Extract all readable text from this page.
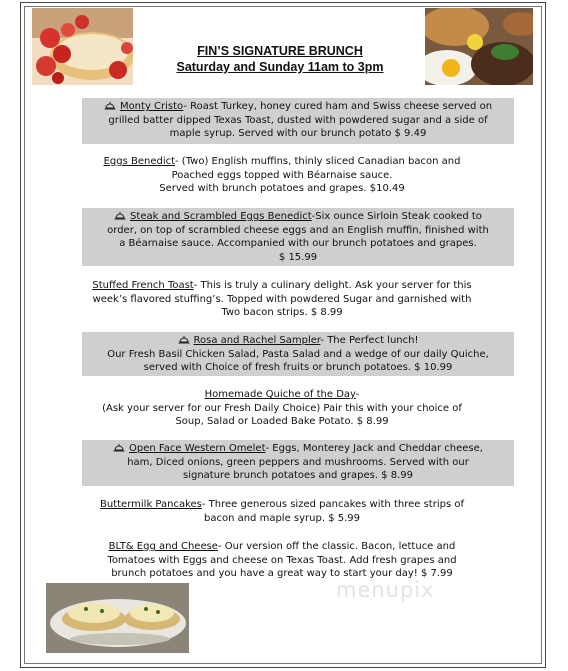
FIN’S SIGNATURE BRUNCH
Saturday and Sunday 11am to 3pm
Monty Cristo- Roast Turkey, honey cured ham and Swiss cheese served on
grilled batter dipped Texas Toast, dusted with powdered sugar and a side of
maple syrup. Served with our brunch potato $ 9.49
Eggs Benedict- (Two) English muffins, thinly sliced Canadian bacon and
Poached eggs topped with Béarnaise sauce.
Served with brunch potatoes and grapes. $10.49
Steak and Scrambled Eggs Benedict-Six ounce Sirloin Steak cooked to
order, on top of scrambled cheese eggs and an English muffin, finished with
a Béarnaise sauce. Accompanied with our brunch potatoes and grapes.
$ 15.99
Stuffed French Toast- This is truly a culinary delight. Ask your server for this
week’s flavored stuffing’s. Topped with powdered Sugar and garnished with
Two bacon strips. $ 8.99
Rosa and Rachel Sampler- The Perfect lunch!
Our Fresh Basil Chicken Salad, Pasta Salad and a wedge of our daily Quiche,
served with Choice of fresh fruits or brunch potatoes. $ 10.99
Homemade Quiche of the Day-
(Ask your server for our Fresh Daily Choice) Pair this with your choice of
Soup, Salad or Loaded Bake Potato. $ 8.99
Open Face Western Omelet- Eggs, Monterey Jack and Cheddar cheese,
ham, Diced onions, green peppers and mushrooms. Served with our
signature brunch potatoes and grapes. $ 8.99
Buttermilk Pancakes- Three generous sized pancakes with three strips of
bacon and maple syrup. $ 5.99
BLT& Egg and Cheese- Our version off the classic. Bacon, lettuce and
Tomatoes with Eggs and cheese on Texas Toast. Add fresh grapes and
brunch potatoes and you have a great way to start your day! $ 7.99
menupix
